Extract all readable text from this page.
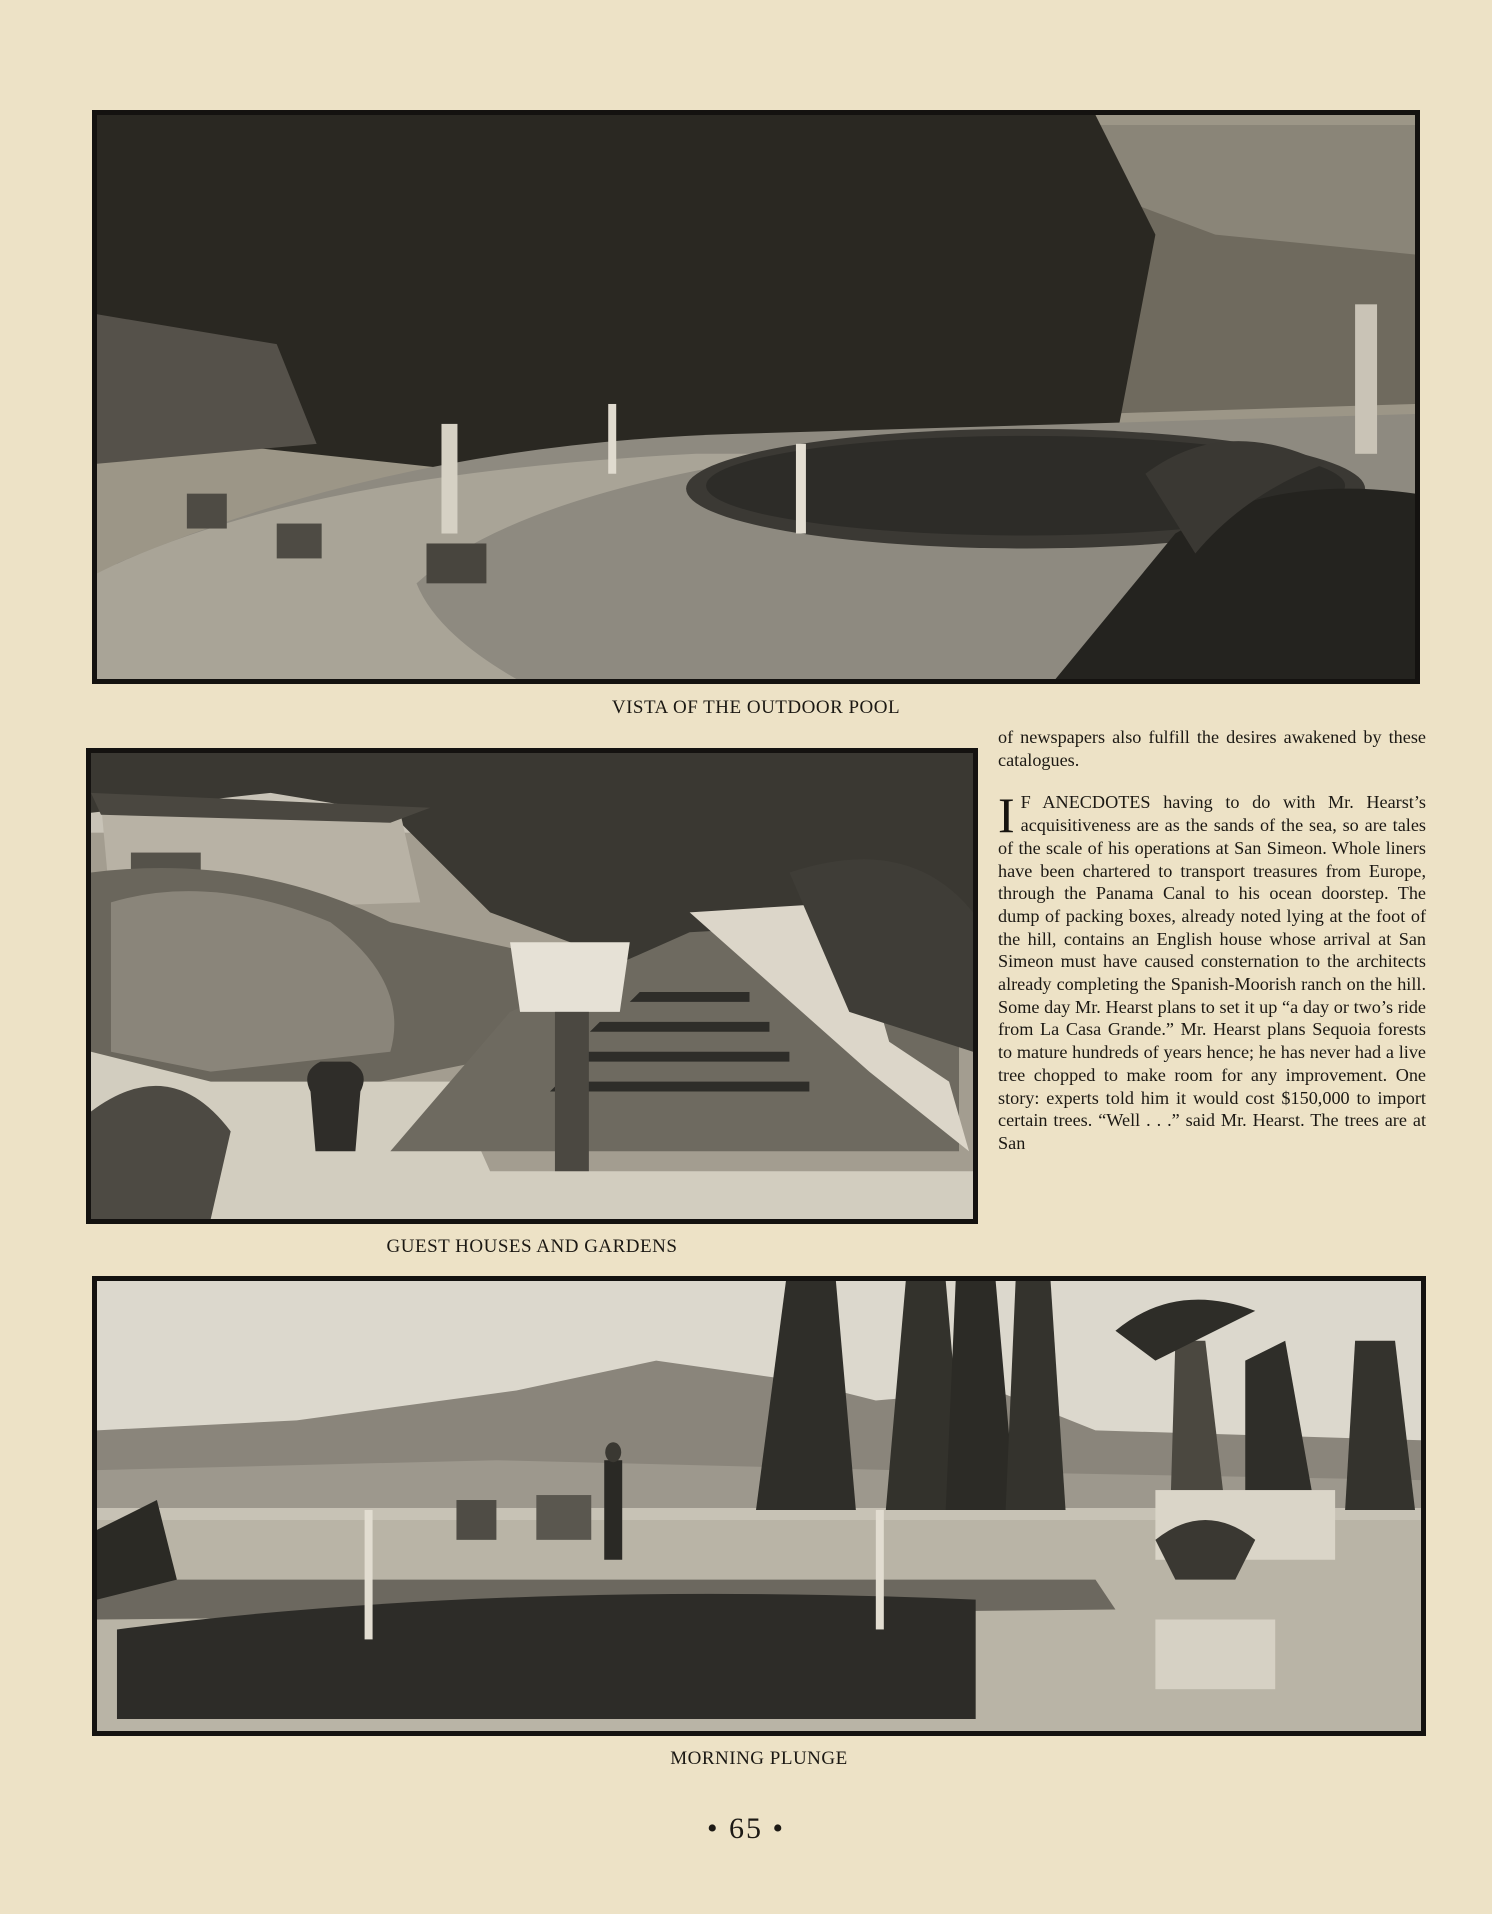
VISTA OF THE OUTDOOR POOL
GUEST HOUSES AND GARDENS

of newspapers also fulfill the desires awakened by these catalogues.

I F ANECDOTES having to do with Mr. Hearst’s acquisitiveness are as the sands of the sea, so are tales of the scale of his operations at San Simeon. Whole liners have been chartered to transport treasures from Europe, through the Panama Canal to his ocean doorstep. The dump of packing boxes, already noted lying at the foot of the hill, contains an English house whose arrival at San Simeon must have caused consternation to the architects already completing the Spanish-Moorish ranch on the hill. Some day Mr. Hearst plans to set it up “a day or two’s ride from La Casa Grande.” Mr. Hearst plans Sequoia forests to mature hundreds of years hence; he has never had a live tree chopped to make room for any improvement. One story: experts told him it would cost $150,000 to import certain trees. “Well . . .” said Mr. Hearst. The trees are at San

MORNING PLUNGE
• 65 •
